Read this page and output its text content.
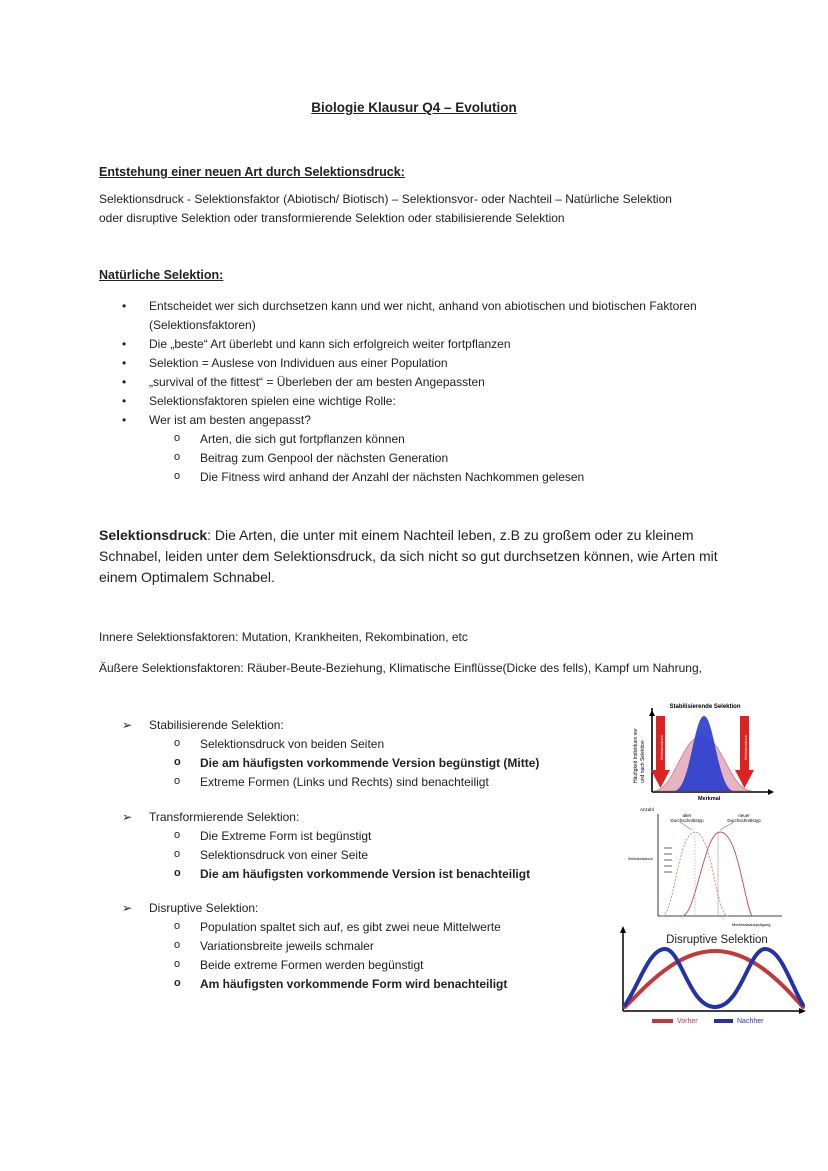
Biologie Klausur Q4 – Evolution
Entstehung einer neuen Art durch Selektionsdruck:
Selektionsdruck - Selektionsfaktor (Abiotisch/ Biotisch) – Selektionsvor- oder Nachteil – Natürliche Selektion
oder disruptive Selektion oder transformierende Selektion oder stabilisierende Selektion
Natürliche Selektion:
• Entscheidet wer sich durchsetzen kann und wer nicht, anhand von abiotischen und biotischen Faktoren
(Selektionsfaktoren)
• Die „beste“ Art überlebt und kann sich erfolgreich weiter fortpflanzen
• Selektion = Auslese von Individuen aus einer Population
• „survival of the fittest“ = Überleben der am besten Angepassten
• Selektionsfaktoren spielen eine wichtige Rolle:
• Wer ist am besten angepasst?
o Arten, die sich gut fortpflanzen können
o Beitrag zum Genpool der nächsten Generation
o Die Fitness wird anhand der Anzahl der nächsten Nachkommen gelesen
Selektionsdruck: Die Arten, die unter mit einem Nachteil leben, z.B zu großem oder zu kleinem
Schnabel, leiden unter dem Selektionsdruck, da sich nicht so gut durchsetzen können, wie Arten mit
einem Optimalem Schnabel.
Innere Selektionsfaktoren: Mutation, Krankheiten, Rekombination, etc
Äußere Selektionsfaktoren: Räuber-Beute-Beziehung, Klimatische Einflüsse(Dicke des fells), Kampf um Nahrung,
➢ Stabilisierende Selektion:
o Selektionsdruck von beiden Seiten
o Die am häufigsten vorkommende Version begünstigt (Mitte)
o Extreme Formen (Links und Rechts) sind benachteiligt
➢ Transformierende Selektion:
o Die Extreme Form ist begünstigt
o Selektionsdruck von einer Seite
o Die am häufigsten vorkommende Version ist benachteiligt
➢ Disruptive Selektion:
o Population spaltet sich auf, es gibt zwei neue Mittelwerte
o Variationsbreite jeweils schmaler
o Beide extreme Formen werden begünstigt
o Am häufigsten vorkommende Form wird benachteiligt
Stabilisierende Selektion
Selektionsdruck	Selektionsdruck
Häufigkeit Individuen vor und nach Selektion
Merkmal
Anzahl
alter
Durchschnittstyp
neuer
Durchschnittstyp
Selektionsdruck
Merkmalsausprägung
Disruptive Selektion
Vorher	Nachher
